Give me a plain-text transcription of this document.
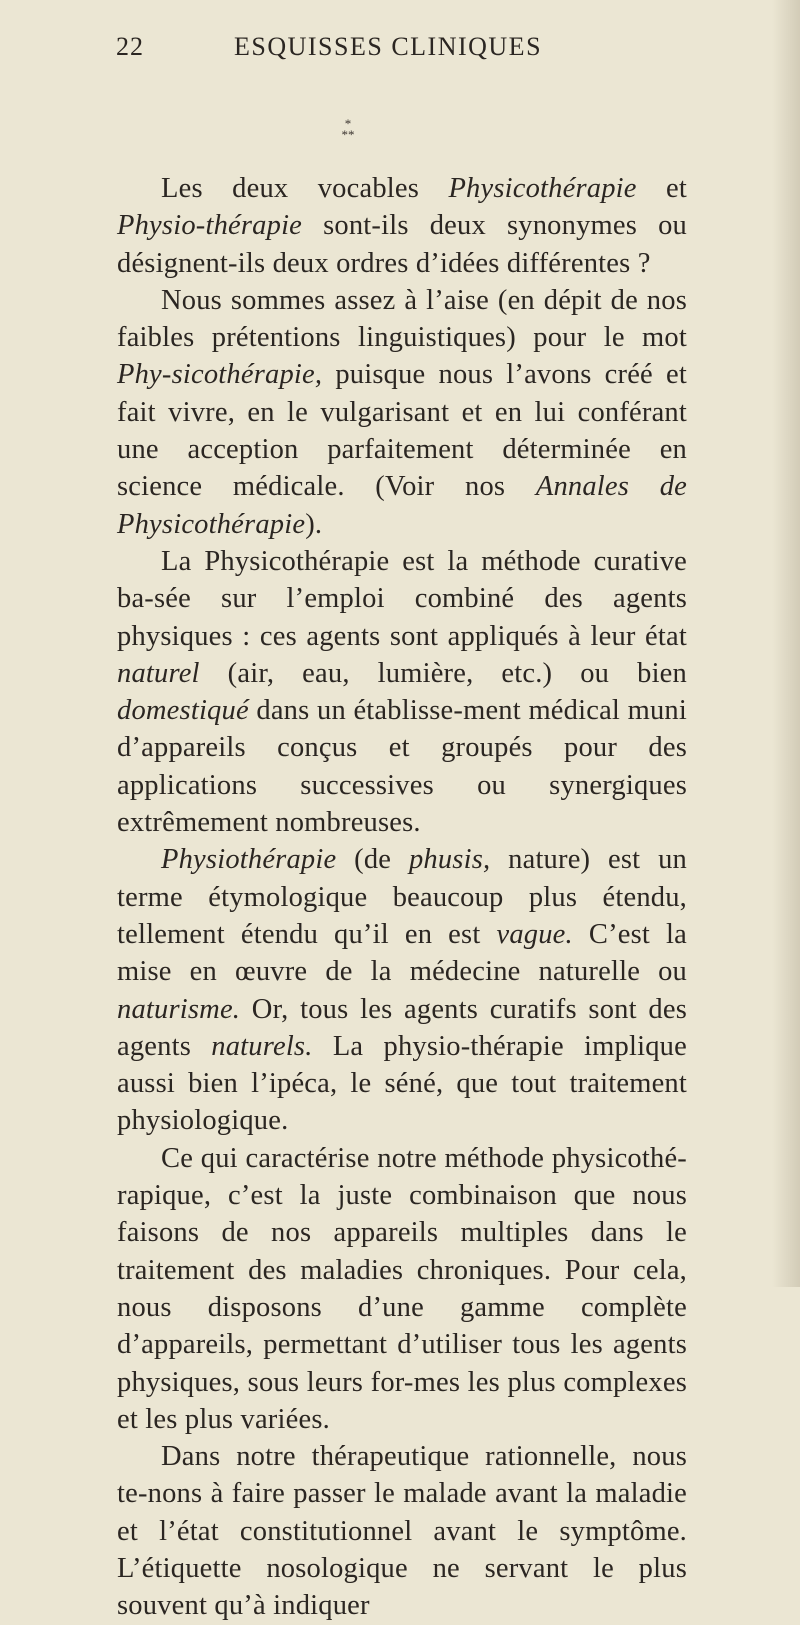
22	ESQUISSES CLINIQUES
*
**

Les deux vocables Physicothérapie et Physio-thérapie sont-ils deux synonymes ou désignent-ils deux ordres d’idées différentes ?

Nous sommes assez à l’aise (en dépit de nos faibles prétentions linguistiques) pour le mot Phy-sicothérapie, puisque nous l’avons créé et fait vivre, en le vulgarisant et en lui conférant une acception parfaitement déterminée en science médicale. (Voir nos Annales de Physicothérapie).

La Physicothérapie est la méthode curative ba-sée sur l’emploi combiné des agents physiques : ces agents sont appliqués à leur état naturel (air, eau, lumière, etc.) ou bien domestiqué dans un établisse-ment médical muni d’appareils conçus et groupés pour des applications successives ou synergiques extrêmement nombreuses.

Physiothérapie (de phusis, nature) est un terme étymologique beaucoup plus étendu, tellement étendu qu’il en est vague. C’est la mise en œuvre de la médecine naturelle ou naturisme. Or, tous les agents curatifs sont des agents naturels. La physio-thérapie implique aussi bien l’ipéca, le séné, que tout traitement physiologique.

Ce qui caractérise notre méthode physicothé-rapique, c’est la juste combinaison que nous faisons de nos appareils multiples dans le traitement des maladies chroniques. Pour cela, nous disposons d’une gamme complète d’appareils, permettant d’utiliser tous les agents physiques, sous leurs for-mes les plus complexes et les plus variées.

Dans notre thérapeutique rationnelle, nous te-nons à faire passer le malade avant la maladie et l’état constitutionnel avant le symptôme. L’étiquette nosologique ne servant le plus souvent qu’à indiquer
